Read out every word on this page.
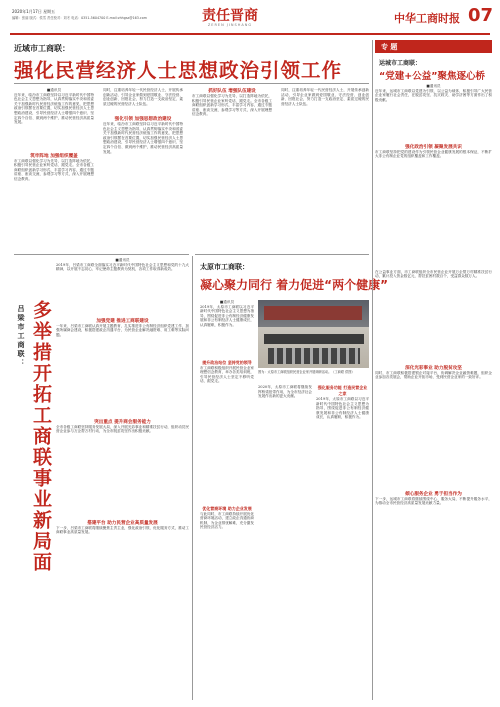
2020年1月17日 星期五
编辑：张丽 版式：侯雪 责任校对：刘冬 电话：0351-5604700 E-mail:zhhgsz@163.com	责任晋商
ZEREN JINSHANG	中华工商时报 07
近域市工商联：
强化民营经济人士思想政治引领工作
■通讯员
近年来，临汾市工商联坚持以习近平新时代中国特色社会主义思想为指导，认真贯彻落实中央和省委关于加强新时代民营经济统战工作的意见，把思想政治引领摆在首要位置，切实加强民营经济人士思想政治建设，引导民营经济人士增强四个意识、坚定四个自信、做到两个维护，推动民营经济高质量发展。
筑牢阵地 加强组织覆盖
市工商联以强化学习为先导，以打造阵地为依托，积极引导民营企业家听党话、跟党走。全市各级工商联组织创新学习形式，丰富学习内容，通过专题讲座、座谈交流、参观学习等方式，深入开展理想信念教育。
同时，注重培养年轻一代民营经济人士，开展传承创新活动，引导企业家做到爱国敬业、守法经营、创业创新、回报社会，努力打造一支政治坚定、素质过硬的民营经济人士队伍。
强化引领 加强思想政治建设
近年来，临汾市工商联坚持以习近平新时代中国特色社会主义思想为指导，认真贯彻落实中央和省委关于加强新时代民营经济统战工作的意见，把思想政治引领摆在首要位置，切实加强民营经济人士思想政治建设，引导民营经济人士增强四个意识、坚定四个自信、做到两个维护，推动民营经济高质量发展。
抓好队伍 增强队伍建设
市工商联以强化学习为先导，以打造阵地为依托，积极引导民营企业家听党话、跟党走。全市各级工商联组织创新学习形式，丰富学习内容，通过专题讲座、座谈交流、参观学习等方式，深入开展理想信念教育。
同时，注重培养年轻一代民营经济人士，开展传承创新活动，引导企业家做到爱国敬业、守法经营、创业创新、回报社会，努力打造一支政治坚定、素质过硬的民营经济人士队伍。
吕梁市工商联： 多举措开拓工商联事业新局面
■通讯员
2019年，吕梁市工商联全面落实习近平新时代中国特色社会主义思想和党的十九大精神，以开展不忘初心、牢记使命主题教育为契机，各项工作取得新成效。
加强党建 推进工商联建设
一年来，吕梁市工商联认真开展主题教育，扎实推进非公有制经济组织党建工作，加强所属商会建设，积极搭建政企沟通平台，为民营企业解决融资难、用工难等实际问题。
突出重点 提升商会服务能力
全市各级工商联坚持服务发展大局，深入开展光彩事业和精准扶贫行动，组织动员民营企业参与万企帮万村行动，为全市脱贫攻坚作出积极贡献。
搭建平台 助力民营企业高质量发展
下一步，吕梁市工商联将继续聚焦主责主业，强化政治引领，优化服务方式，推动工商联事业高质量发展。
太原市工商联：
凝心聚力同行 着力促进“两个健康”
图为：太原市工商联组织民营企业家开展调研活动。（工商联 供图）
■通讯员
2019年，太原市工商联以习近平新时代中国特色社会主义思想为指导，围绕促进非公有制经济健康发展和非公有制经济人士健康成长，认真履职，积极作为。
提升政治站位 坚持党的领导
市工商联积极组织开展民营企业家理想信念教育，举办各类培训班，引导民营经济人士坚定不移听党话、跟党走。
优化营商环境 助力企业发展
与此同时，市工商联持续开展优化营商环境活动，建立政企沟通协商机制，为企业排忧解难，充分激发民营经济活力。
2020年，太原市工商联将继续发挥桥梁纽带作用，为全市经济社会发展作出新的更大贡献。
强化服务功能 打造民营企业之家
2019年，太原市工商联以习近平新时代中国特色社会主义思想为指导，围绕促进非公有制经济健康发展和非公有制经济人士健康成长，认真履职，积极作为。
专 题
运城市工商联：
“党建+公益”聚焦逐心桥
■通讯员
近年来，运城市工商联以党建为引领，以公益为载体，积极引导广大民营企业家履行社会责任，在脱贫攻坚、抗灾救灾、助学济困等方面作出了积极贡献。
强化政治引领 凝聚发展共识
市工商联坚持把党的建设作为引领民营企业健康发展的根本保证，不断扩大非公有制企业党的组织覆盖和工作覆盖。
在公益事业方面，市工商联组织全市民营企业开展万企帮万村精准扶贫行动，累计投入资金数亿元，帮扶贫困村数百个，受益群众数万人。
深化光彩事业 助力脱贫攻坚
同时，市工商联积极搭建银企对接平台，协调解决企业融资难题，组织企业参加各类展会，帮助企业开拓市场，受到民营企业家的一致好评。
倾心服务企业 勇于担当作为
下一步，运城市工商联将继续围绕中心、服务大局，不断提升服务水平，为推动全市民营经济高质量发展贡献力量。
